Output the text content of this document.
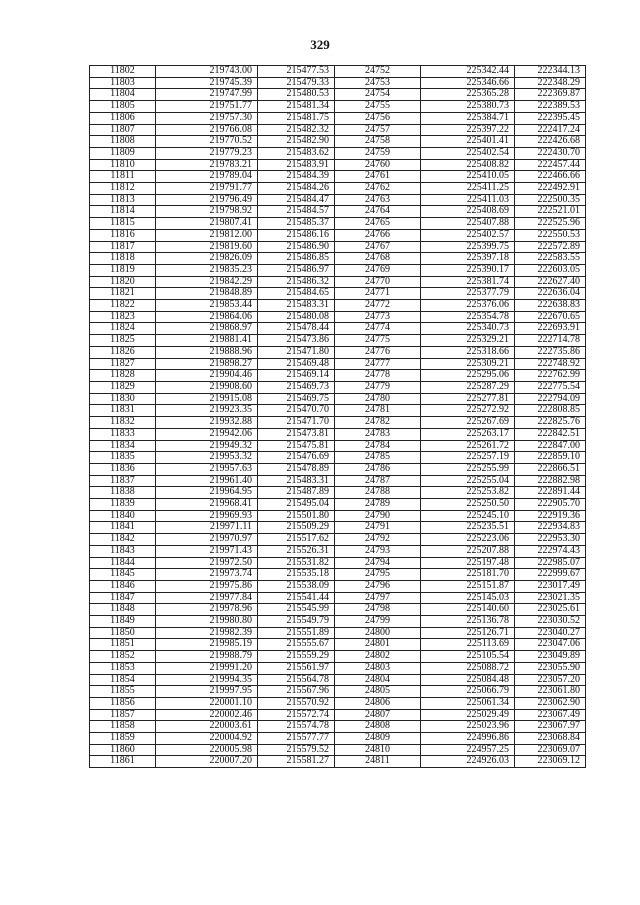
329
11802	219743.00	215477.53	24752	225342.44	222344.13
11803	219745.39	215479.33	24753	225346.66	222348.29
11804	219747.99	215480.53	24754	225365.28	222369.87
11805	219751.77	215481.34	24755	225380.73	222389.53
11806	219757.30	215481.75	24756	225384.71	222395.45
11807	219766.08	215482.32	24757	225397.22	222417.24
11808	219770.52	215482.90	24758	225401.41	222426.68
11809	219779.23	215483.62	24759	225402.54	222430.70
11810	219783.21	215483.91	24760	225408.82	222457.44
11811	219789.04	215484.39	24761	225410.05	222466.66
11812	219791.77	215484.26	24762	225411.25	222492.91
11813	219796.49	215484.47	24763	225411.03	222500.35
11814	219798.92	215484.57	24764	225408.69	222521.01
11815	219807.41	215485.37	24765	225407.88	222525.96
11816	219812.00	215486.16	24766	225402.57	222550.53
11817	219819.60	215486.90	24767	225399.75	222572.89
11818	219826.09	215486.85	24768	225397.18	222583.55
11819	219835.23	215486.97	24769	225390.17	222603.05
11820	219842.29	215486.32	24770	225381.74	222627.40
11821	219848.89	215484.65	24771	225377.79	222636.04
11822	219853.44	215483.31	24772	225376.06	222638.83
11823	219864.06	215480.08	24773	225354.78	222670.65
11824	219868.97	215478.44	24774	225340.73	222693.91
11825	219881.41	215473.86	24775	225329.21	222714.78
11826	219888.96	215471.80	24776	225318.66	222735.86
11827	219898.27	215469.48	24777	225309.21	222748.92
11828	219904.46	215469.14	24778	225295.06	222762.99
11829	219908.60	215469.73	24779	225287.29	222775.54
11830	219915.08	215469.75	24780	225277.81	222794.09
11831	219923.35	215470.70	24781	225272.92	222808.85
11832	219932.88	215471.70	24782	225267.69	222825.76
11833	219942.06	215473.81	24783	225263.17	222842.51
11834	219949.32	215475.81	24784	225261.72	222847.00
11835	219953.32	215476.69	24785	225257.19	222859.10
11836	219957.63	215478.89	24786	225255.99	222866.51
11837	219961.40	215483.31	24787	225255.04	222882.98
11838	219964.95	215487.89	24788	225253.82	222891.44
11839	219968.41	215495.04	24789	225250.50	222905.70
11840	219969.93	215501.80	24790	225245.10	222919.36
11841	219971.11	215509.29	24791	225235.51	222934.83
11842	219970.97	215517.62	24792	225223.06	222953.30
11843	219971.43	215526.31	24793	225207.88	222974.43
11844	219972.50	215531.82	24794	225197.48	222985.07
11845	219973.74	215535.18	24795	225181.70	222999.67
11846	219975.86	215538.09	24796	225151.87	223017.49
11847	219977.84	215541.44	24797	225145.03	223021.35
11848	219978.96	215545.99	24798	225140.60	223025.61
11849	219980.80	215549.79	24799	225136.78	223030.52
11850	219982.39	215551.89	24800	225126.71	223040.27
11851	219985.19	215555.67	24801	225113.69	223047.06
11852	219988.79	215559.29	24802	225105.54	223049.89
11853	219991.20	215561.97	24803	225088.72	223055.90
11854	219994.35	215564.78	24804	225084.48	223057.20
11855	219997.95	215567.96	24805	225066.79	223061.80
11856	220001.10	215570.92	24806	225061.34	223062.90
11857	220002.46	215572.74	24807	225029.49	223067.49
11858	220003.61	215574.78	24808	225023.96	223067.97
11859	220004.92	215577.77	24809	224996.86	223068.84
11860	220005.98	215579.52	24810	224957.25	223069.07
11861	220007.20	215581.27	24811	224926.03	223069.12
